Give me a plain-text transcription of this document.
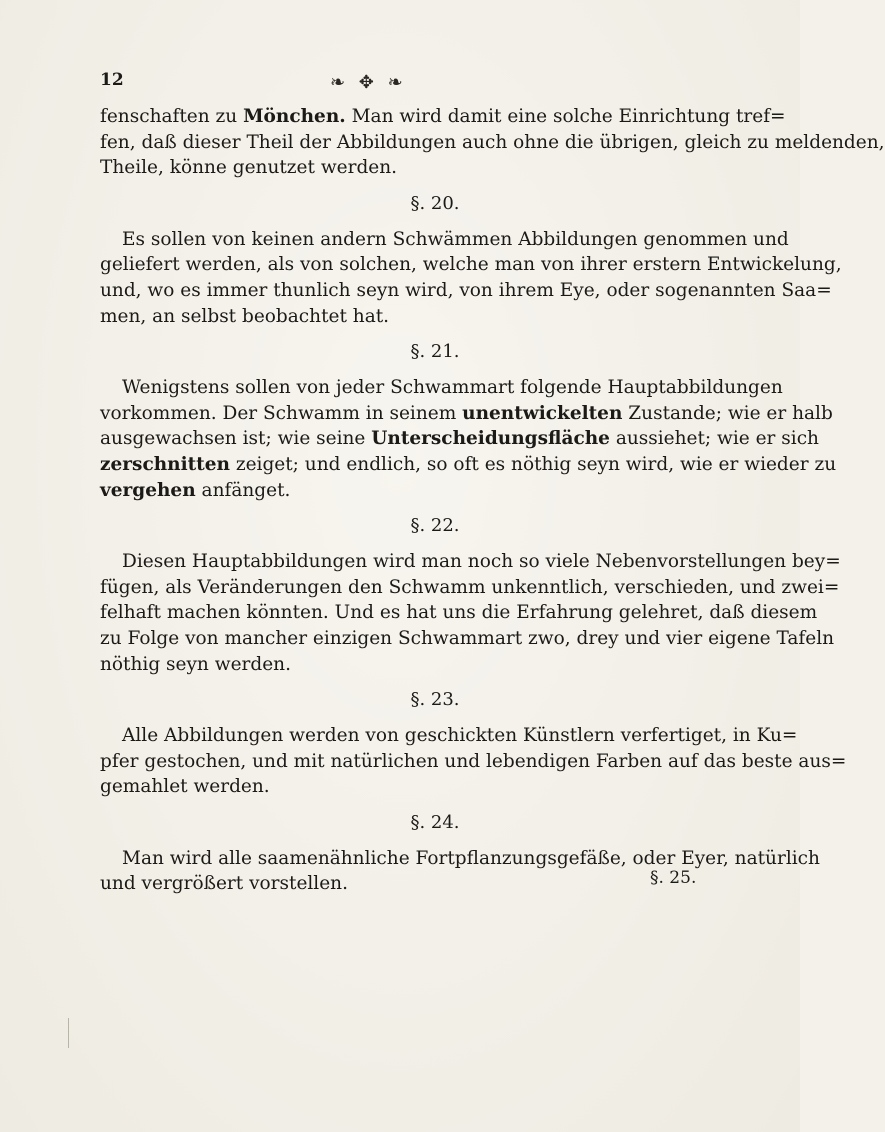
12	❧ ✥ ❧
fenschaften zu Mönchen. Man wird damit eine solche Einrichtung tref=
fen, daß dieser Theil der Abbildungen auch ohne die übrigen, gleich zu meldenden,
Theile, könne genutzet werden.
§. 20.
Es sollen von keinen andern Schwämmen Abbildungen genommen und
geliefert werden, als von solchen, welche man von ihrer erstern Entwickelung,
und, wo es immer thunlich seyn wird, von ihrem Eye, oder sogenannten Saa=
men, an selbst beobachtet hat.
§. 21.
Wenigstens sollen von jeder Schwammart folgende Hauptabbildungen
vorkommen. Der Schwamm in seinem unentwickelten Zustande; wie er halb
ausgewachsen ist; wie seine Unterscheidungsfläche aussiehet; wie er sich
zerschnitten zeiget; und endlich, so oft es nöthig seyn wird, wie er wieder zu
vergehen anfänget.
§. 22.
Diesen Hauptabbildungen wird man noch so viele Nebenvorstellungen bey=
fügen, als Veränderungen den Schwamm unkenntlich, verschieden, und zwei=
felhaft machen könnten. Und es hat uns die Erfahrung gelehret, daß diesem
zu Folge von mancher einzigen Schwammart zwo, drey und vier eigene Tafeln
nöthig seyn werden.
§. 23.
Alle Abbildungen werden von geschickten Künstlern verfertiget, in Ku=
pfer gestochen, und mit natürlichen und lebendigen Farben auf das beste aus=
gemahlet werden.
§. 24.
Man wird alle saamenähnliche Fortpflanzungsgefäße, oder Eyer, natürlich
und vergrößert vorstellen.	§. 25.
